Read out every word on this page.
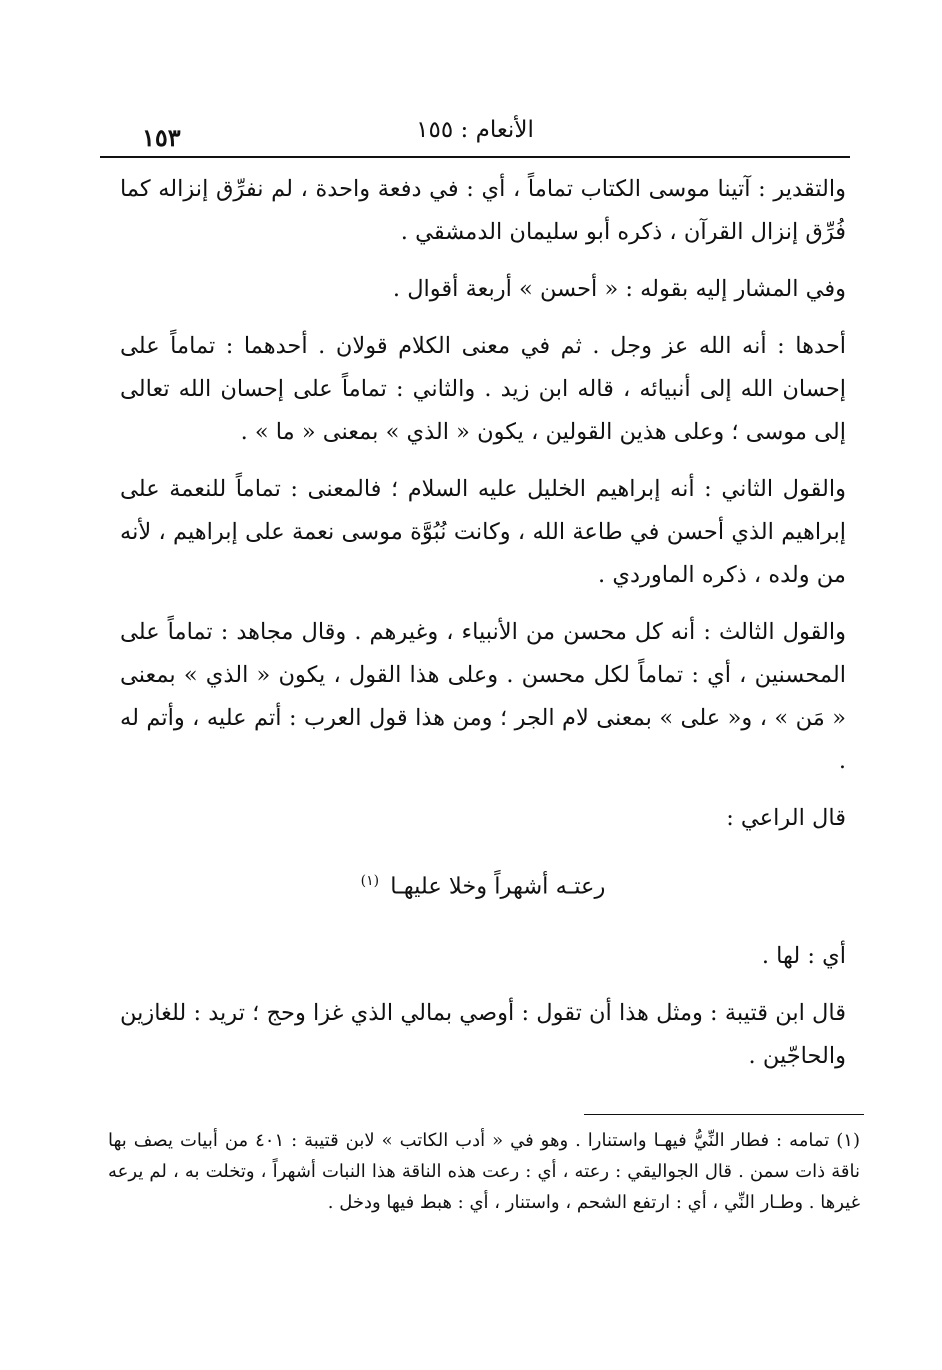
الأنعام : ١٥٥
١٥٣

والتقدير : آتينا موسى الكتاب تماماً ، أي : في دفعة واحدة ، لم نفرِّق إنزاله كما فُرِّق إنزال القرآن ، ذكره أبو سليمان الدمشقي .

وفي المشار إليه بقوله : « أحسن » أربعة أقوال .

أحدها : أنه الله عز وجل . ثم في معنى الكلام قولان . أحدهما : تماماً على إحسان الله إلى أنبيائه ، قاله ابن زيد . والثاني : تماماً على إحسان الله تعالى إلى موسى ؛ وعلى هذين القولين ، يكون « الذي » بمعنى « ما » .

والقول الثاني : أنه إبراهيم الخليل عليه السلام ؛ فالمعنى : تماماً للنعمة على إبراهيم الذي أحسن في طاعة الله ، وكانت نُبُوَّة موسى نعمة على إبراهيم ، لأنه من ولده ، ذكره الماوردي .

والقول الثالث : أنه كل محسن من الأنبياء ، وغيرهم . وقال مجاهد : تماماً على المحسنين ، أي : تماماً لكل محسن . وعلى هذا القول ، يكون « الذي » بمعنى « مَن » ، و« على » بمعنى لام الجر ؛ ومن هذا قول العرب : أتم عليه ، وأتم له .

قال الراعي :

رعتـه أشهراً وخلا عليهـا $^{(١)}$

أي : لها .

قال ابن قتيبة : ومثل هذا أن تقول : أوصي بمالي الذي غزا وحج ؛ تريد : للغازين والحاجّين .

(١) تمامه : فطار النِّيُّ فيهـا واستنارا . وهو في « أدب الكاتب » لابن قتيبة : ٤٠١ من أبيات يصف بها ناقة ذات سمن . قال الجواليقي : رعته ، أي : رعت هذه الناقة هذا النبات أشهراً ، وتخلت به ، لم يرعه غيرها . وطـار النِّي ، أي : ارتفع الشحم ، واستنار ، أي : هبط فيها ودخل .
